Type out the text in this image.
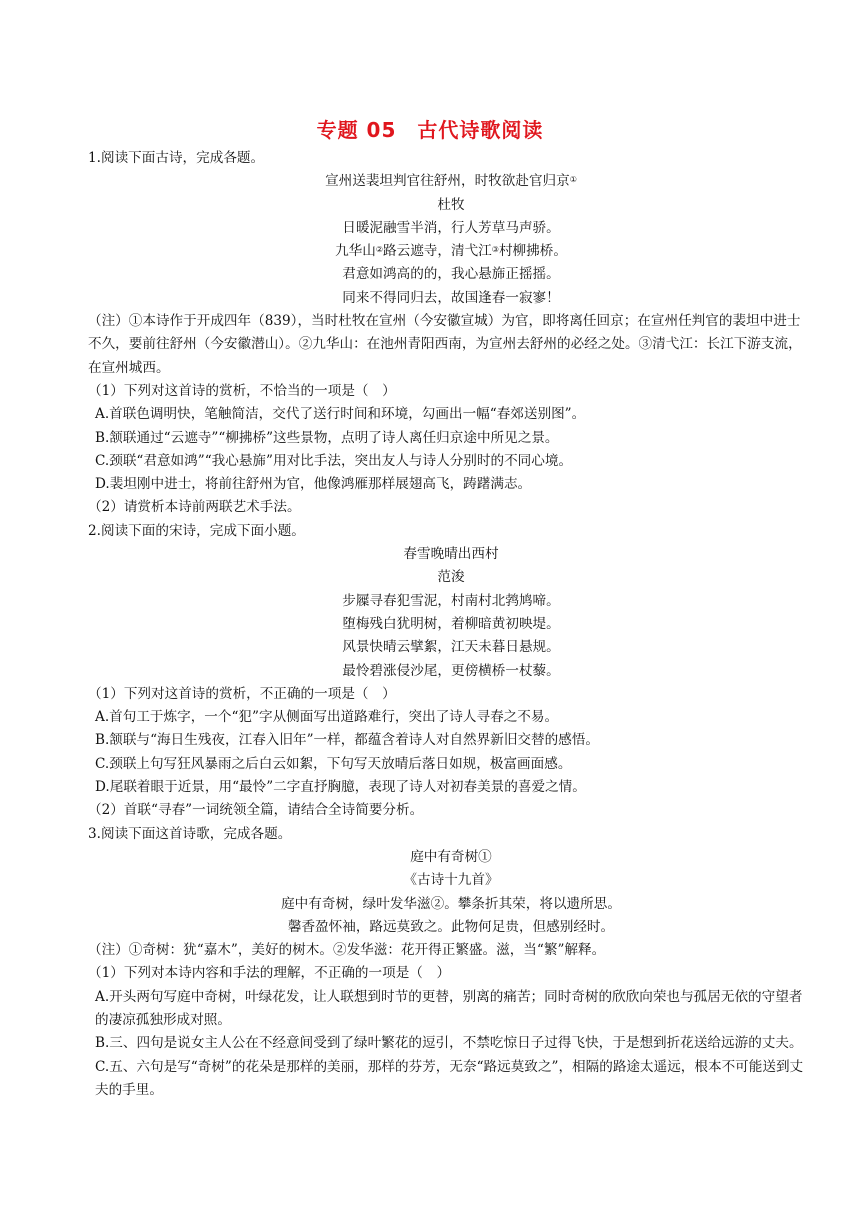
专题 05　古代诗歌阅读

1.阅读下面古诗，完成各题。

宣州送裴坦判官往舒州，时牧欲赴官归京①

杜牧

日暖泥融雪半消，行人芳草马声骄。

九华山②路云遮寺，清弋江③村柳拂桥。

君意如鸿高的的，我心悬旆正摇摇。

同来不得同归去，故国逢春一寂寥！

（注）①本诗作于开成四年（839），当时杜牧在宣州（今安徽宣城）为官，即将离任回京；在宣州任判官的裴坦中进士不久，要前往舒州（今安徽潜山）。②九华山：在池州青阳西南，为宣州去舒州的必经之处。③清弋江：长江下游支流，在宣州城西。

（1）下列对这首诗的赏析，不恰当的一项是（　）

A.首联色调明快，笔触简洁，交代了送行时间和环境，勾画出一幅“春郊送别图”。

B.颔联通过“云遮寺”“柳拂桥”这些景物，点明了诗人离任归京途中所见之景。

C.颈联“君意如鸿”“我心悬旆”用对比手法，突出友人与诗人分别时的不同心境。

D.裴坦刚中进士，将前往舒州为官，他像鸿雁那样展翅高飞，踌躇满志。

（2）请赏析本诗前两联艺术手法。

2.阅读下面的宋诗，完成下面小题。

春雪晚晴出西村

范浚

步屧寻春犯雪泥，村南村北鹁鸠啼。

堕梅残白犹明树，着柳暗黄初映堤。

风景快晴云擘絮，江天未暮日悬规。

最怜碧涨侵沙尾，更傍横桥一杖藜。

（1）下列对这首诗的赏析，不正确的一项是（　）

A.首句工于炼字，一个“犯”字从侧面写出道路难行，突出了诗人寻春之不易。

B.颔联与“海日生残夜，江春入旧年”一样，都蕴含着诗人对自然界新旧交替的感悟。

C.颈联上句写狂风暴雨之后白云如絮，下句写天放晴后落日如规，极富画面感。

D.尾联着眼于近景，用“最怜”二字直抒胸臆，表现了诗人对初春美景的喜爱之情。

（2）首联“寻春”一词统领全篇，请结合全诗简要分析。

3.阅读下面这首诗歌，完成各题。

庭中有奇树①

《古诗十九首》

庭中有奇树，绿叶发华滋②。攀条折其荣，将以遗所思。

馨香盈怀袖，路远莫致之。此物何足贵，但感别经时。

（注）①奇树：犹“嘉木”，美好的树木。②发华滋：花开得正繁盛。滋，当“繁”解释。

（1）下列对本诗内容和手法的理解，不正确的一项是（　）

A.开头两句写庭中奇树，叶绿花发，让人联想到时节的更替，别离的痛苦；同时奇树的欣欣向荣也与孤居无依的守望者的凄凉孤独形成对照。

B.三、四句是说女主人公在不经意间受到了绿叶繁花的逗引，不禁吃惊日子过得飞快，于是想到折花送给远游的丈夫。

C.五、六句是写“奇树”的花朵是那样的美丽，那样的芬芳，无奈“路远莫致之”，相隔的路途太遥远，根本不可能送到丈夫的手里。
